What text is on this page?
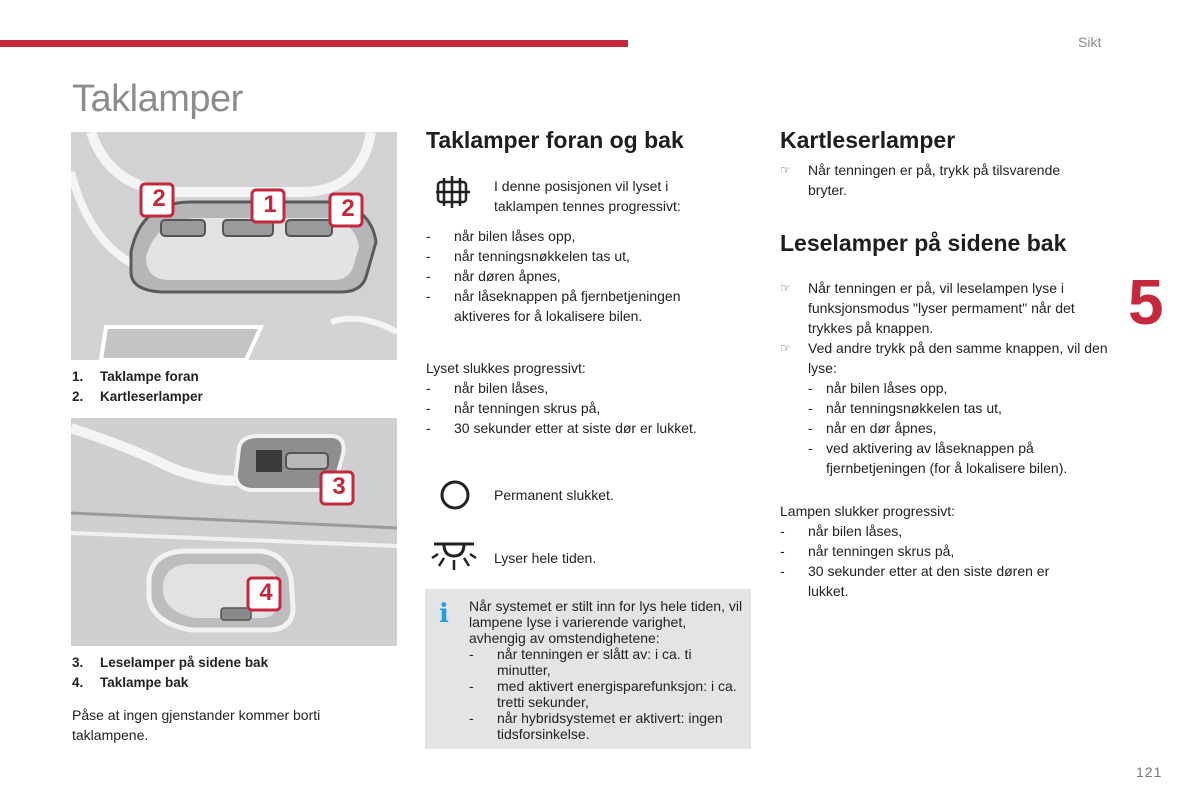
Sikt
Taklamper
5
121
2	1	2
1. Taklampe foran
2. Kartleserlamper
3
4
3. Leselamper på sidene bak
4. Taklampe bak
Påse at ingen gjenstander kommer borti taklampene.
Taklamper foran og bak
I denne posisjonen vil lyset i taklampen tennes progressivt:
-	når bilen låses opp,
-	når tenningsnøkkelen tas ut,
-	når døren åpnes,
-	når låseknappen på fjernbetjeningen aktiveres for å lokalisere bilen.
Lyset slukkes progressivt:
-	når bilen låses,
-	når tenningen skrus på,
-	30 sekunder etter at siste dør er lukket.
Permanent slukket.
Lyser hele tiden.
i Når systemet er stilt inn for lys hele tiden, vil lampene lyse i varierende varighet, avhengig av omstendighetene:
-	når tenningen er slått av: i ca. ti minutter,
-	med aktivert energisparefunksjon: i ca. tretti sekunder,
-	når hybridsystemet er aktivert: ingen tidsforsinkelse.
Kartleserlamper
☞	Når tenningen er på, trykk på tilsvarende bryter.
Leselamper på sidene bak
☞	Når tenningen er på, vil leselampen lyse i funksjonsmodus "lyser permament" når det trykkes på knappen.
☞	Ved andre trykk på den samme knappen, vil den lyse:
- når bilen låses opp,
- når tenningsnøkkelen tas ut,
- når en dør åpnes,
- ved aktivering av låseknappen på fjernbetjeningen (for å lokalisere bilen).
Lampen slukker progressivt:
-	når bilen låses,
-	når tenningen skrus på,
-	30 sekunder etter at den siste døren er lukket.
